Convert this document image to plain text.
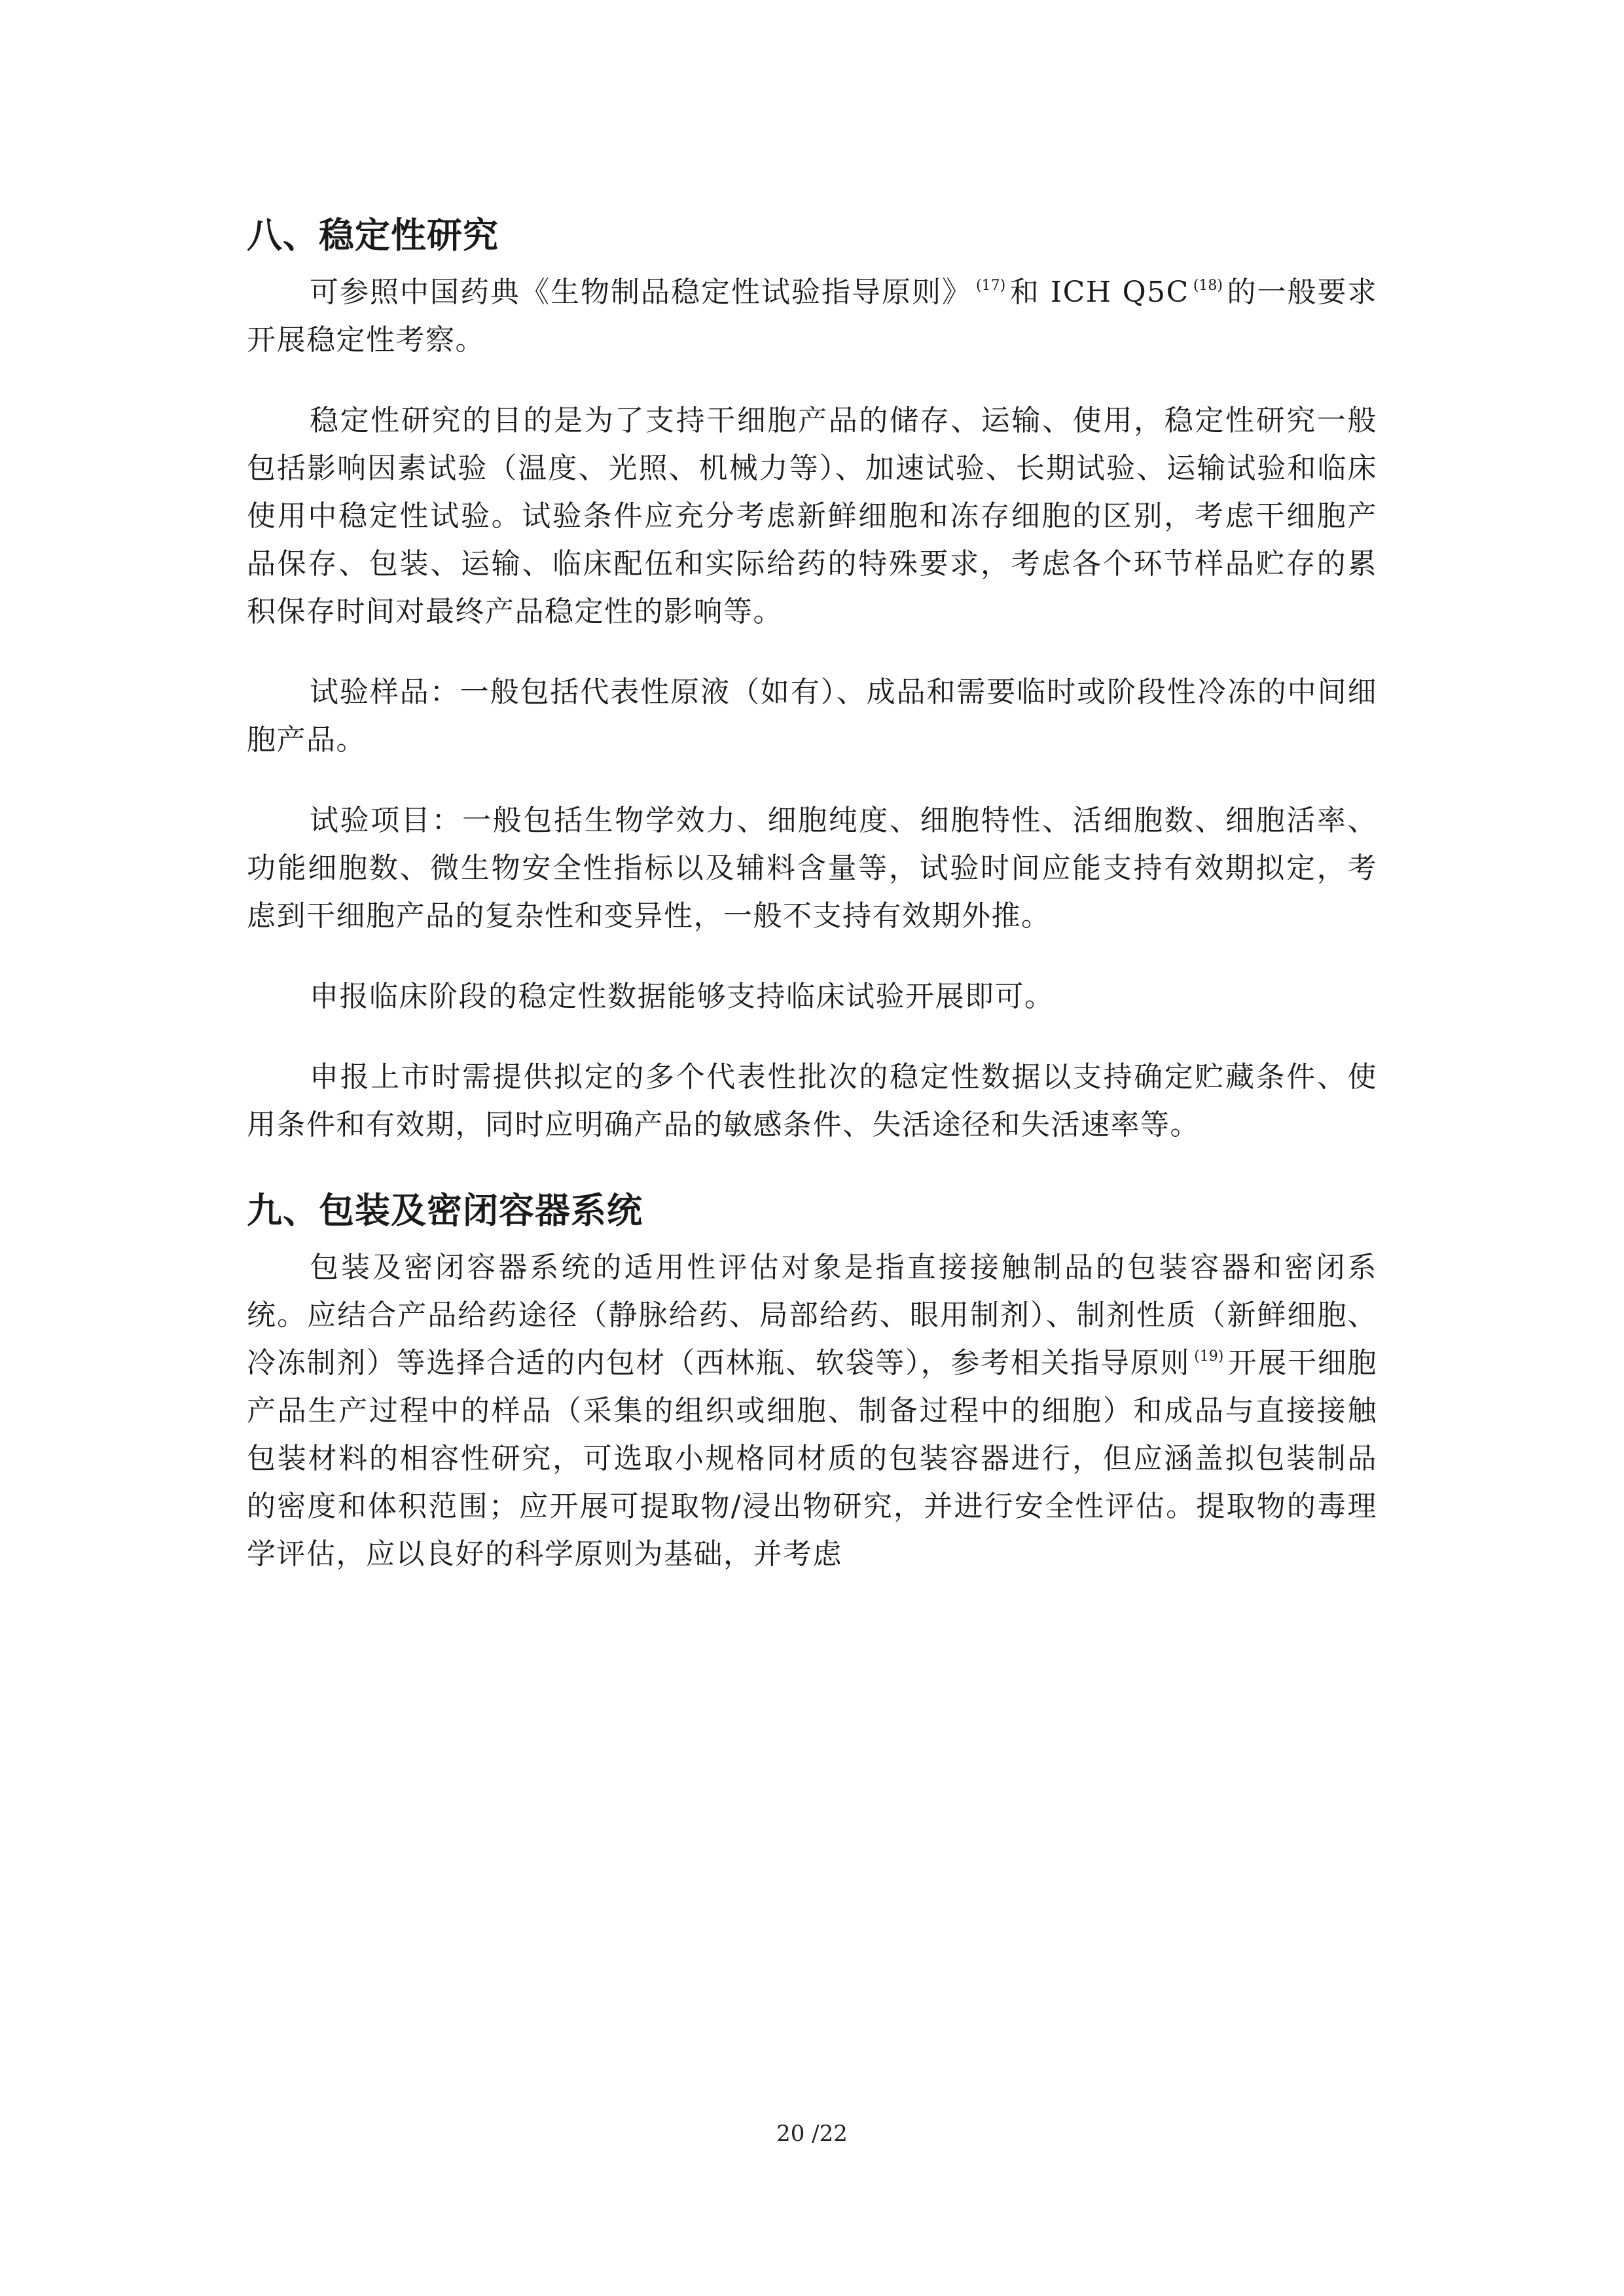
八、稳定性研究

可参照中国药典《生物制品稳定性试验指导原则》 $^{(17)}$ 和 ICH Q5C $^{(18)}$ 的一般要求开展稳定性考察。

稳定性研究的目的是为了支持干细胞产品的储存、运输、使用，稳定性研究一般包括影响因素试验（温度、光照、机械力等）、加速试验、长期试验、运输试验和临床使用中稳定性试验。试验条件应充分考虑新鲜细胞和冻存细胞的区别，考虑干细胞产品保存、包装、运输、临床配伍和实际给药的特殊要求，考虑各个环节样品贮存的累积保存时间对最终产品稳定性的影响等。

试验样品：一般包括代表性原液（如有）、成品和需要临时或阶段性冷冻的中间细胞产品。

试验项目：一般包括生物学效力、细胞纯度、细胞特性、活细胞数、细胞活率、功能细胞数、微生物安全性指标以及辅料含量等，试验时间应能支持有效期拟定，考虑到干细胞产品的复杂性和变异性，一般不支持有效期外推。

申报临床阶段的稳定性数据能够支持临床试验开展即可。

申报上市时需提供拟定的多个代表性批次的稳定性数据以支持确定贮藏条件、使用条件和有效期，同时应明确产品的敏感条件、失活途径和失活速率等。

九、包装及密闭容器系统

包装及密闭容器系统的适用性评估对象是指直接接触制品的包装容器和密闭系统。应结合产品给药途径（静脉给药、局部给药、眼用制剂）、制剂性质（新鲜细胞、冷冻制剂）等选择合适的内包材（西林瓶、软袋等），参考相关指导原则 $^{(19)}$ 开展干细胞产品生产过程中的样品（采集的组织或细胞、制备过程中的细胞）和成品与直接接触包装材料的相容性研究，可选取小规格同材质的包装容器进行，但应涵盖拟包装制品的密度和体积范围；应开展可提取物/浸出物研究，并进行安全性评估。提取物的毒理学评估，应以良好的科学原则为基础，并考虑

20 /22
